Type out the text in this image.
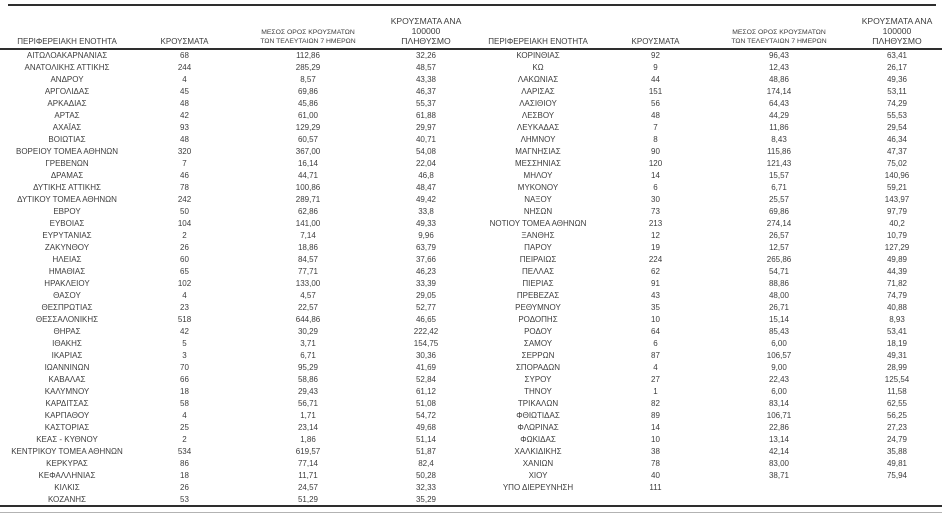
ΠΕΡΙΦΕΡΕΙΑΚΗ ΕΝΟΤΗΤΑ	ΚΡΟΥΣΜΑΤΑ	ΜΕΣΟΣ ΟΡΟΣ ΚΡΟΥΣΜΑΤΩΝ
ΤΩΝ ΤΕΛΕΥΤΑΙΩΝ 7 ΗΜΕΡΩΝ	ΚΡΟΥΣΜΑΤΑ ΑΝΑ 100000
ΠΛΗΘΥΣΜΟ
ΑΙΤΩΛΟΑΚΑΡΝΑΝΙΑΣ	68	112,86	32,26
ΑΝΑΤΟΛΙΚΗΣ ΑΤΤΙΚΗΣ	244	285,29	48,57
ΑΝΔΡΟΥ	4	8,57	43,38
ΑΡΓΟΛΙΔΑΣ	45	69,86	46,37
ΑΡΚΑΔΙΑΣ	48	45,86	55,37
ΑΡΤΑΣ	42	61,00	61,88
ΑΧΑΪΑΣ	93	129,29	29,97
ΒΟΙΩΤΙΑΣ	48	60,57	40,71
ΒΟΡΕΙΟΥ ΤΟΜΕΑ ΑΘΗΝΩΝ	320	367,00	54,08
ΓΡΕΒΕΝΩΝ	7	16,14	22,04
ΔΡΑΜΑΣ	46	44,71	46,8
ΔΥΤΙΚΗΣ ΑΤΤΙΚΗΣ	78	100,86	48,47
ΔΥΤΙΚΟΥ ΤΟΜΕΑ ΑΘΗΝΩΝ	242	289,71	49,42
ΕΒΡΟΥ	50	62,86	33,8
ΕΥΒΟΙΑΣ	104	141,00	49,33
ΕΥΡΥΤΑΝΙΑΣ	2	7,14	9,96
ΖΑΚΥΝΘΟΥ	26	18,86	63,79
ΗΛΕΙΑΣ	60	84,57	37,66
ΗΜΑΘΙΑΣ	65	77,71	46,23
ΗΡΑΚΛΕΙΟΥ	102	133,00	33,39
ΘΑΣΟΥ	4	4,57	29,05
ΘΕΣΠΡΩΤΙΑΣ	23	22,57	52,77
ΘΕΣΣΑΛΟΝΙΚΗΣ	518	644,86	46,65
ΘΗΡΑΣ	42	30,29	222,42
ΙΘΑΚΗΣ	5	3,71	154,75
ΙΚΑΡΙΑΣ	3	6,71	30,36
ΙΩΑΝΝΙΝΩΝ	70	95,29	41,69
ΚΑΒΑΛΑΣ	66	58,86	52,84
ΚΑΛΥΜΝΟΥ	18	29,43	61,12
ΚΑΡΔΙΤΣΑΣ	58	56,71	51,08
ΚΑΡΠΑΘΟΥ	4	1,71	54,72
ΚΑΣΤΟΡΙΑΣ	25	23,14	49,68
ΚΕΑΣ - ΚΥΘΝΟΥ	2	1,86	51,14
ΚΕΝΤΡΙΚΟΥ ΤΟΜΕΑ ΑΘΗΝΩΝ	534	619,57	51,87
ΚΕΡΚΥΡΑΣ	86	77,14	82,4
ΚΕΦΑΛΛΗΝΙΑΣ	18	11,71	50,28
ΚΙΛΚΙΣ	26	24,57	32,33
ΚΟΖΑΝΗΣ	53	51,29	35,29
ΠΕΡΙΦΕΡΕΙΑΚΗ ΕΝΟΤΗΤΑ	ΚΡΟΥΣΜΑΤΑ	ΜΕΣΟΣ ΟΡΟΣ ΚΡΟΥΣΜΑΤΩΝ
ΤΩΝ ΤΕΛΕΥΤΑΙΩΝ 7 ΗΜΕΡΩΝ	ΚΡΟΥΣΜΑΤΑ ΑΝΑ 100000
ΠΛΗΘΥΣΜΟ
ΚΟΡΙΝΘΙΑΣ	92	96,43	63,41
ΚΩ	9	12,43	26,17
ΛΑΚΩΝΙΑΣ	44	48,86	49,36
ΛΑΡΙΣΑΣ	151	174,14	53,11
ΛΑΣΙΘΙΟΥ	56	64,43	74,29
ΛΕΣΒΟΥ	48	44,29	55,53
ΛΕΥΚΑΔΑΣ	7	11,86	29,54
ΛΗΜΝΟΥ	8	8,43	46,34
ΜΑΓΝΗΣΙΑΣ	90	115,86	47,37
ΜΕΣΣΗΝΙΑΣ	120	121,43	75,02
ΜΗΛΟΥ	14	15,57	140,96
ΜΥΚΟΝΟΥ	6	6,71	59,21
ΝΑΞΟΥ	30	25,57	143,97
ΝΗΣΩΝ	73	69,86	97,79
ΝΟΤΙΟΥ ΤΟΜΕΑ ΑΘΗΝΩΝ	213	274,14	40,2
ΞΑΝΘΗΣ	12	26,57	10,79
ΠΑΡΟΥ	19	12,57	127,29
ΠΕΙΡΑΙΩΣ	224	265,86	49,89
ΠΕΛΛΑΣ	62	54,71	44,39
ΠΙΕΡΙΑΣ	91	88,86	71,82
ΠΡΕΒΕΖΑΣ	43	48,00	74,79
ΡΕΘΥΜΝΟΥ	35	26,71	40,88
ΡΟΔΟΠΗΣ	10	15,14	8,93
ΡΟΔΟΥ	64	85,43	53,41
ΣΑΜΟΥ	6	6,00	18,19
ΣΕΡΡΩΝ	87	106,57	49,31
ΣΠΟΡΑΔΩΝ	4	9,00	28,99
ΣΥΡΟΥ	27	22,43	125,54
ΤΗΝΟΥ	1	6,00	11,58
ΤΡΙΚΑΛΩΝ	82	83,14	62,55
ΦΘΙΩΤΙΔΑΣ	89	106,71	56,25
ΦΛΩΡΙΝΑΣ	14	22,86	27,23
ΦΩΚΙΔΑΣ	10	13,14	24,79
ΧΑΛΚΙΔΙΚΗΣ	38	42,14	35,88
ΧΑΝΙΩΝ	78	83,00	49,81
ΧΙΟΥ	40	38,71	75,94
ΥΠΟ ΔΙΕΡΕΥΝΗΣΗ	111		
